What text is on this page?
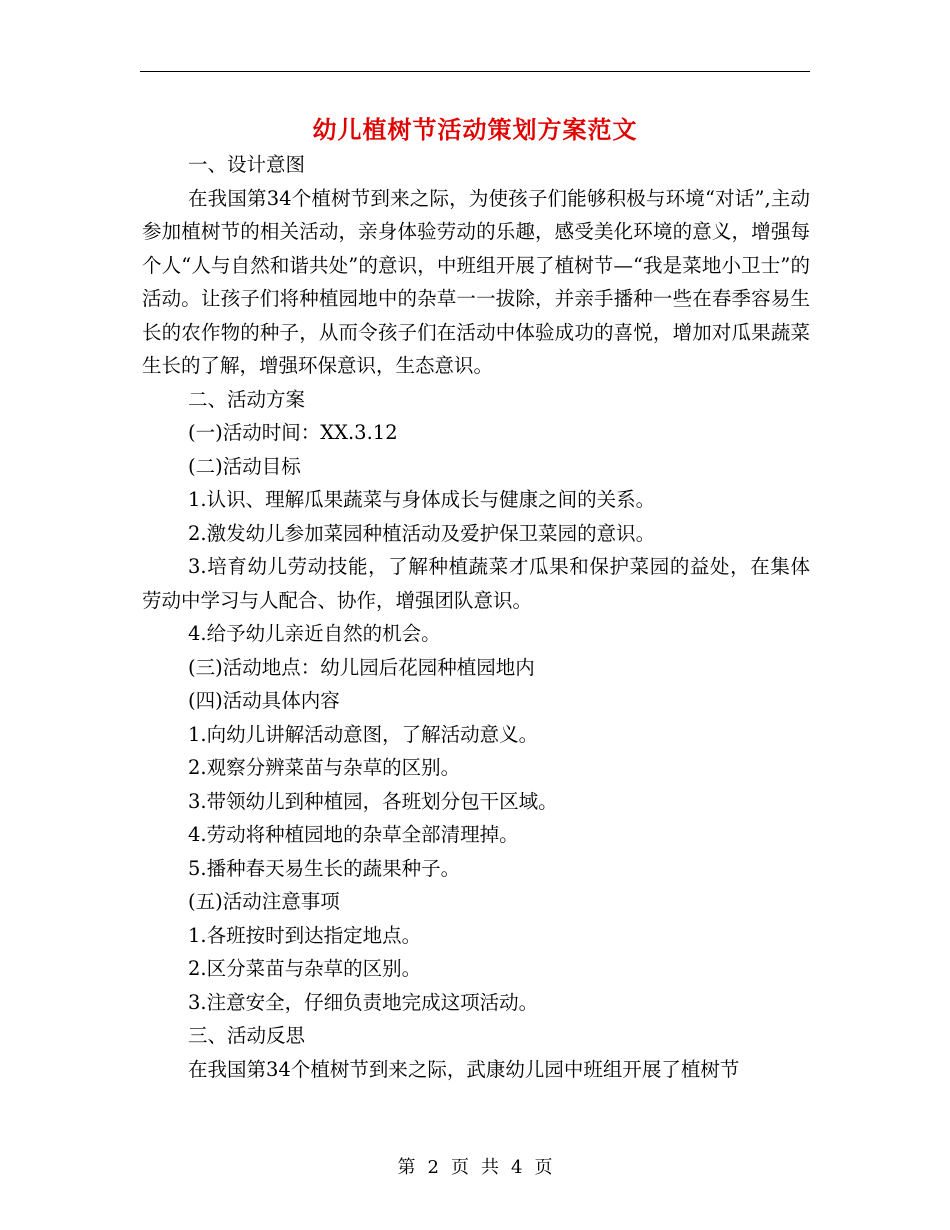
幼儿植树节活动策划方案范文

一、设计意图

在我国第34个植树节到来之际，为使孩子们能够积极与环境“对话”,主动参加植树节的相关活动，亲身体验劳动的乐趣，感受美化环境的意义，增强每个人“人与自然和谐共处”的意识，中班组开展了植树节—“我是菜地小卫士”的活动。让孩子们将种植园地中的杂草一一拔除，并亲手播种一些在春季容易生长的农作物的种子，从而令孩子们在活动中体验成功的喜悦，增加对瓜果蔬菜生长的了解，增强环保意识，生态意识。

二、活动方案

(一)活动时间：XX.3.12

(二)活动目标

1.认识、理解瓜果蔬菜与身体成长与健康之间的关系。

2.激发幼儿参加菜园种植活动及爱护保卫菜园的意识。

3.培育幼儿劳动技能，了解种植蔬菜才瓜果和保护菜园的益处，在集体劳动中学习与人配合、协作，增强团队意识。

4.给予幼儿亲近自然的机会。

(三)活动地点：幼儿园后花园种植园地内

(四)活动具体内容

1.向幼儿讲解活动意图，了解活动意义。

2.观察分辨菜苗与杂草的区别。

3.带领幼儿到种植园，各班划分包干区域。

4.劳动将种植园地的杂草全部清理掉。

5.播种春天易生长的蔬果种子。

(五)活动注意事项

1.各班按时到达指定地点。

2.区分菜苗与杂草的区别。

3.注意安全，仔细负责地完成这项活动。

三、活动反思

在我国第34个植树节到来之际，武康幼儿园中班组开展了植树节

第 2 页 共 4 页
